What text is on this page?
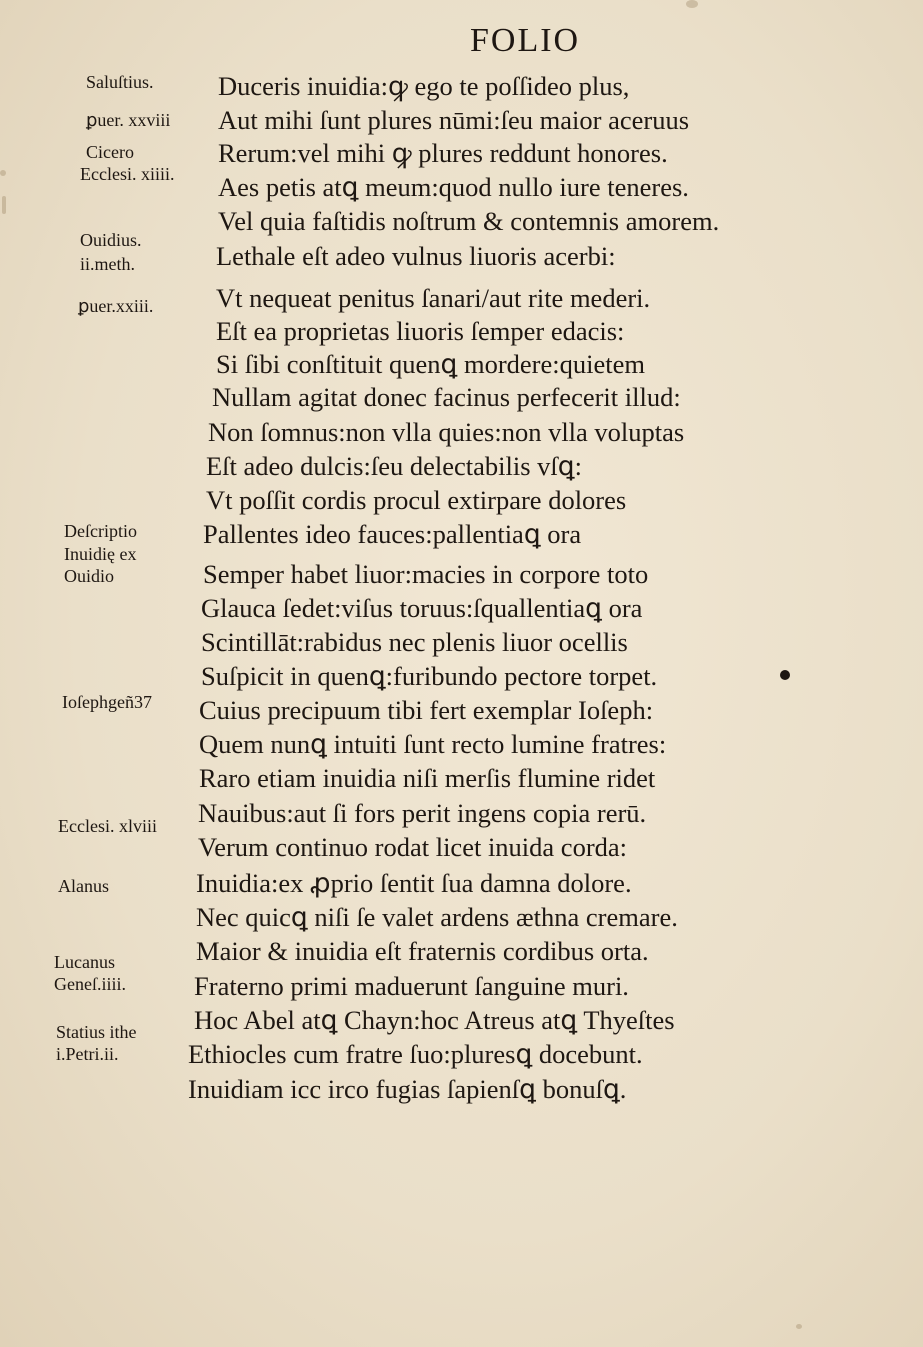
FOLIO
Duceris inuidia:ꝙ ego te poſſideo plus,
Aut mihi ſunt plures nūmi:ſeu maior aceruus
Rerum:vel mihi ꝙ plures reddunt honores.
Aes petis atꝗ meum:quod nullo iure teneres.
Vel quia faſtidis noſtrum & contemnis amorem.
Lethale eſt adeo vulnus liuoris acerbi:
Vt nequeat penitus ſanari/aut rite mederi.
Eſt ea proprietas liuoris ſemper edacis:
Si ſibi conſtituit quenꝗ mordere:quietem
Nullam agitat donec facinus perfecerit illud:
Non ſomnus:non vlla quies:non vlla voluptas
Eſt adeo dulcis:ſeu delectabilis vſꝗ:
Vt poſſit cordis procul extirpare dolores
Pallentes ideo fauces:pallentiaꝗ ora
Semper habet liuor:macies in corpore toto
Glauca ſedet:viſus toruus:ſquallentiaꝗ ora
Scintillāt:rabidus nec plenis liuor ocellis
Suſpicit in quenꝗ:furibundo pectore torpet.
Cuius precipuum tibi fert exemplar Ioſeph:
Quem nunꝗ intuiti ſunt recto lumine fratres:
Raro etiam inuidia niſi merſis flumine ridet
Nauibus:aut ſi fors perit ingens copia rerū.
Verum continuo rodat licet inuida corda:
Inuidia:ex ꝓprio ſentit ſua damna dolore.
Nec quicꝗ niſi ſe valet ardens æthna cremare.
Maior & inuidia eſt fraternis cordibus orta.
Fraterno primi maduerunt ſanguine muri.
Hoc Abel atꝗ Chayn:hoc Atreus atꝗ Thyeſtes
Ethiocles cum fratre ſuo:pluresꝗ docebunt.
Inuidiam icc irco fugias ſapienſꝗ bonuſꝗ.
Saluſtius.
ꝑuer. xxviii
Cicero
Ecclesi. xiiii.
Ouidius.
ii.meth.
ꝑuer.xxiii.
Deſcriptio
Inuidię ex
Ouidio
Ioſephgeñ37
Ecclesi. xlviii
Alanus
Lucanus
Geneſ.iiii.
Statius ithe
i.Petri.ii.
